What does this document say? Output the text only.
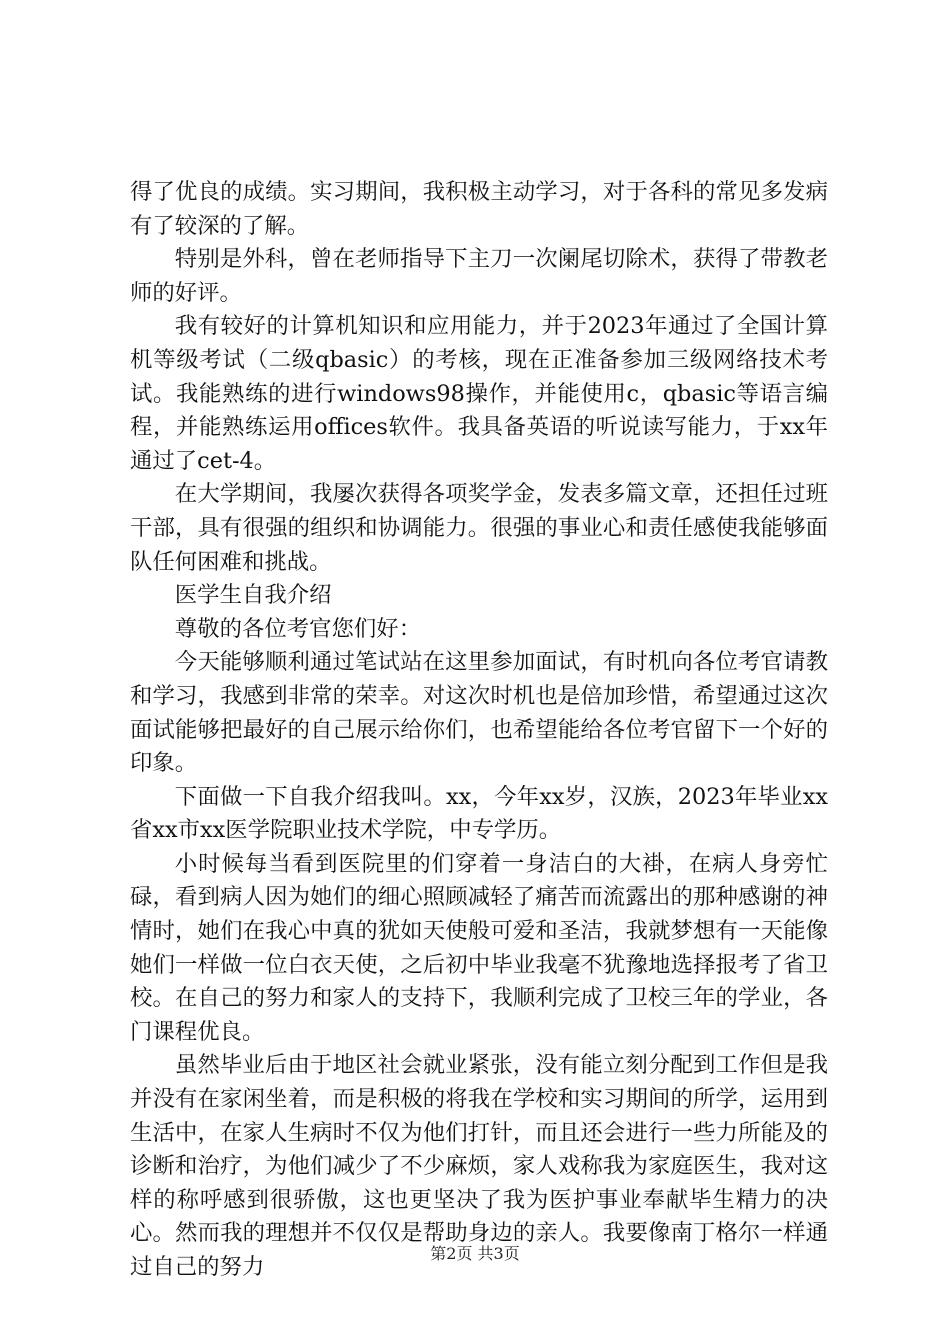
得了优良的成绩。实习期间，我积极主动学习，对于各科的常见多发病有了较深的了解。

特别是外科，曾在老师指导下主刀一次阑尾切除术，获得了带教老师的好评。

我有较好的计算机知识和应用能力，并于2023年通过了全国计算机等级考试（二级qbasic）的考核，现在正准备参加三级网络技术考试。我能熟练的进行windows98操作，并能使用c，qbasic等语言编程，并能熟练运用offices软件。我具备英语的听说读写能力，于xx年通过了cet-4。

在大学期间，我屡次获得各项奖学金，发表多篇文章，还担任过班干部，具有很强的组织和协调能力。很强的事业心和责任感使我能够面队任何困难和挑战。

医学生自我介绍

尊敬的各位考官您们好：

今天能够顺利通过笔试站在这里参加面试，有时机向各位考官请教和学习，我感到非常的荣幸。对这次时机也是倍加珍惜，希望通过这次面试能够把最好的自己展示给你们，也希望能给各位考官留下一个好的印象。

下面做一下自我介绍我叫。xx，今年xx岁，汉族，2023年毕业xx省xx市xx医学院职业技术学院，中专学历。

小时候每当看到医院里的们穿着一身洁白的大褂，在病人身旁忙碌，看到病人因为她们的细心照顾减轻了痛苦而流露出的那种感谢的神情时，她们在我心中真的犹如天使般可爱和圣洁，我就梦想有一天能像她们一样做一位白衣天使，之后初中毕业我毫不犹豫地选择报考了省卫校。在自己的努力和家人的支持下，我顺利完成了卫校三年的学业，各门课程优良。

虽然毕业后由于地区社会就业紧张，没有能立刻分配到工作但是我并没有在家闲坐着，而是积极的将我在学校和实习期间的所学，运用到生活中，在家人生病时不仅为他们打针，而且还会进行一些力所能及的诊断和治疗，为他们减少了不少麻烦，家人戏称我为家庭医生，我对这样的称呼感到很骄傲，这也更坚决了我为医护事业奉献毕生精力的决心。然而我的理想并不仅仅是帮助身边的亲人。我要像南丁格尔一样通过自己的努力

第2页 共3页
